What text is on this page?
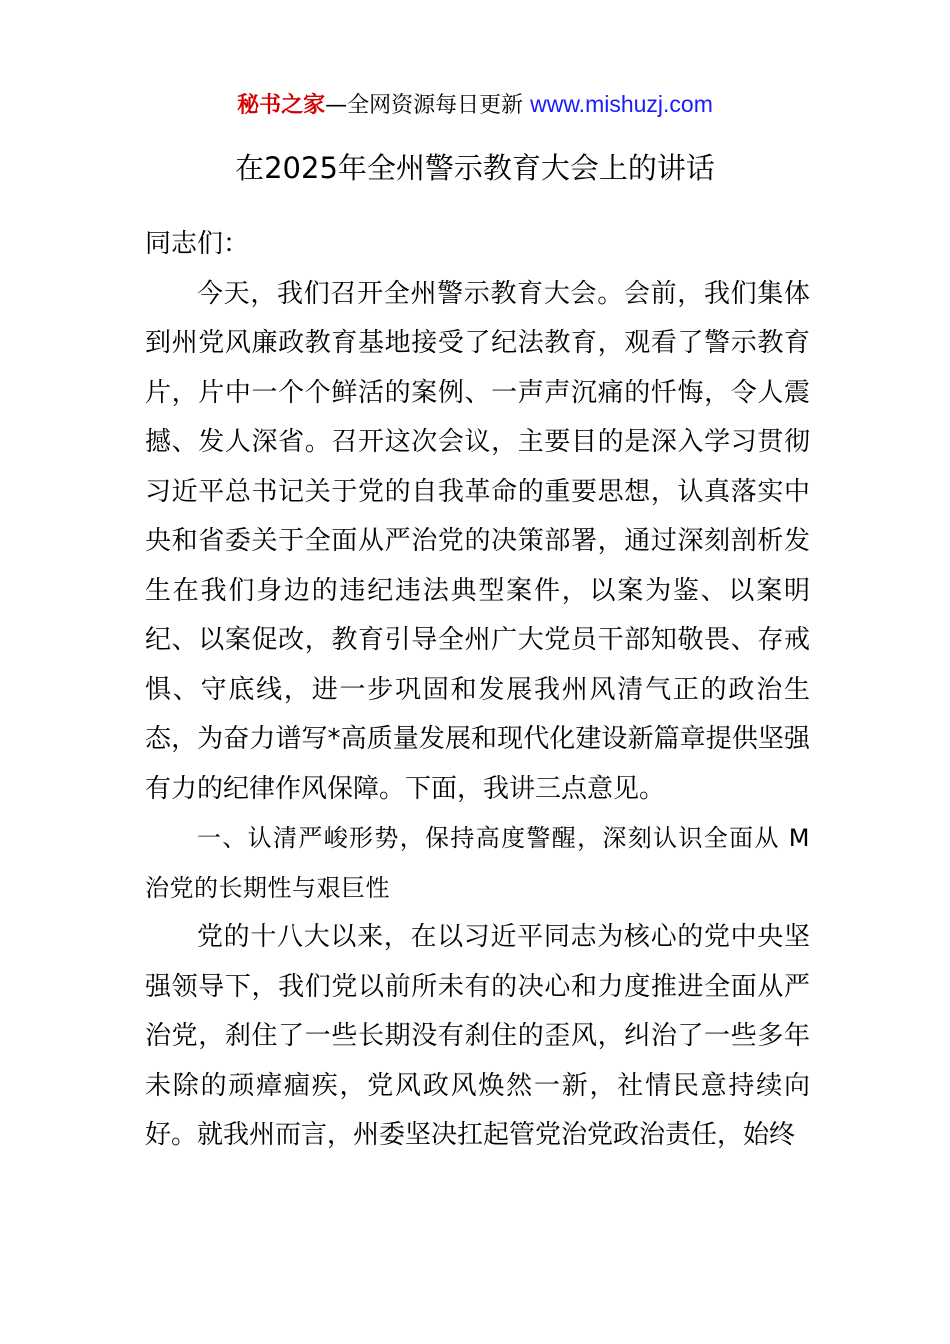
秘书之家—全网资源每日更新 www.mishuzj.com
在2025年全州警示教育大会上的讲话

同志们：

今天，我们召开全州警示教育大会。会前，我们集体到州党风廉政教育基地接受了纪法教育，观看了警示教育片，片中一个个鲜活的案例、一声声沉痛的忏悔，令人震撼、发人深省。召开这次会议，主要目的是深入学习贯彻习近平总书记关于党的自我革命的重要思想，认真落实中央和省委关于全面从严治党的决策部署，通过深刻剖析发生在我们身边的违纪违法典型案件，以案为鉴、以案明纪、以案促改，教育引导全州广大党员干部知敬畏、存戒惧、守底线，进一步巩固和发展我州风清气正的政治生态，为奋力谱写*高质量发展和现代化建设新篇章提供坚强有力的纪律作风保障。下面，我讲三点意见。

一、认清严峻形势，保持高度警醒，深刻认识全面从 M 治党的长期性与艰巨性

党的十八大以来，在以习近平同志为核心的党中央坚强领导下，我们党以前所未有的决心和力度推进全面从严治党，刹住了一些长期没有刹住的歪风，纠治了一些多年未除的顽瘴痼疾，党风政风焕然一新，社情民意持续向好。就我州而言，州委坚决扛起管党治党政治责任，始终
